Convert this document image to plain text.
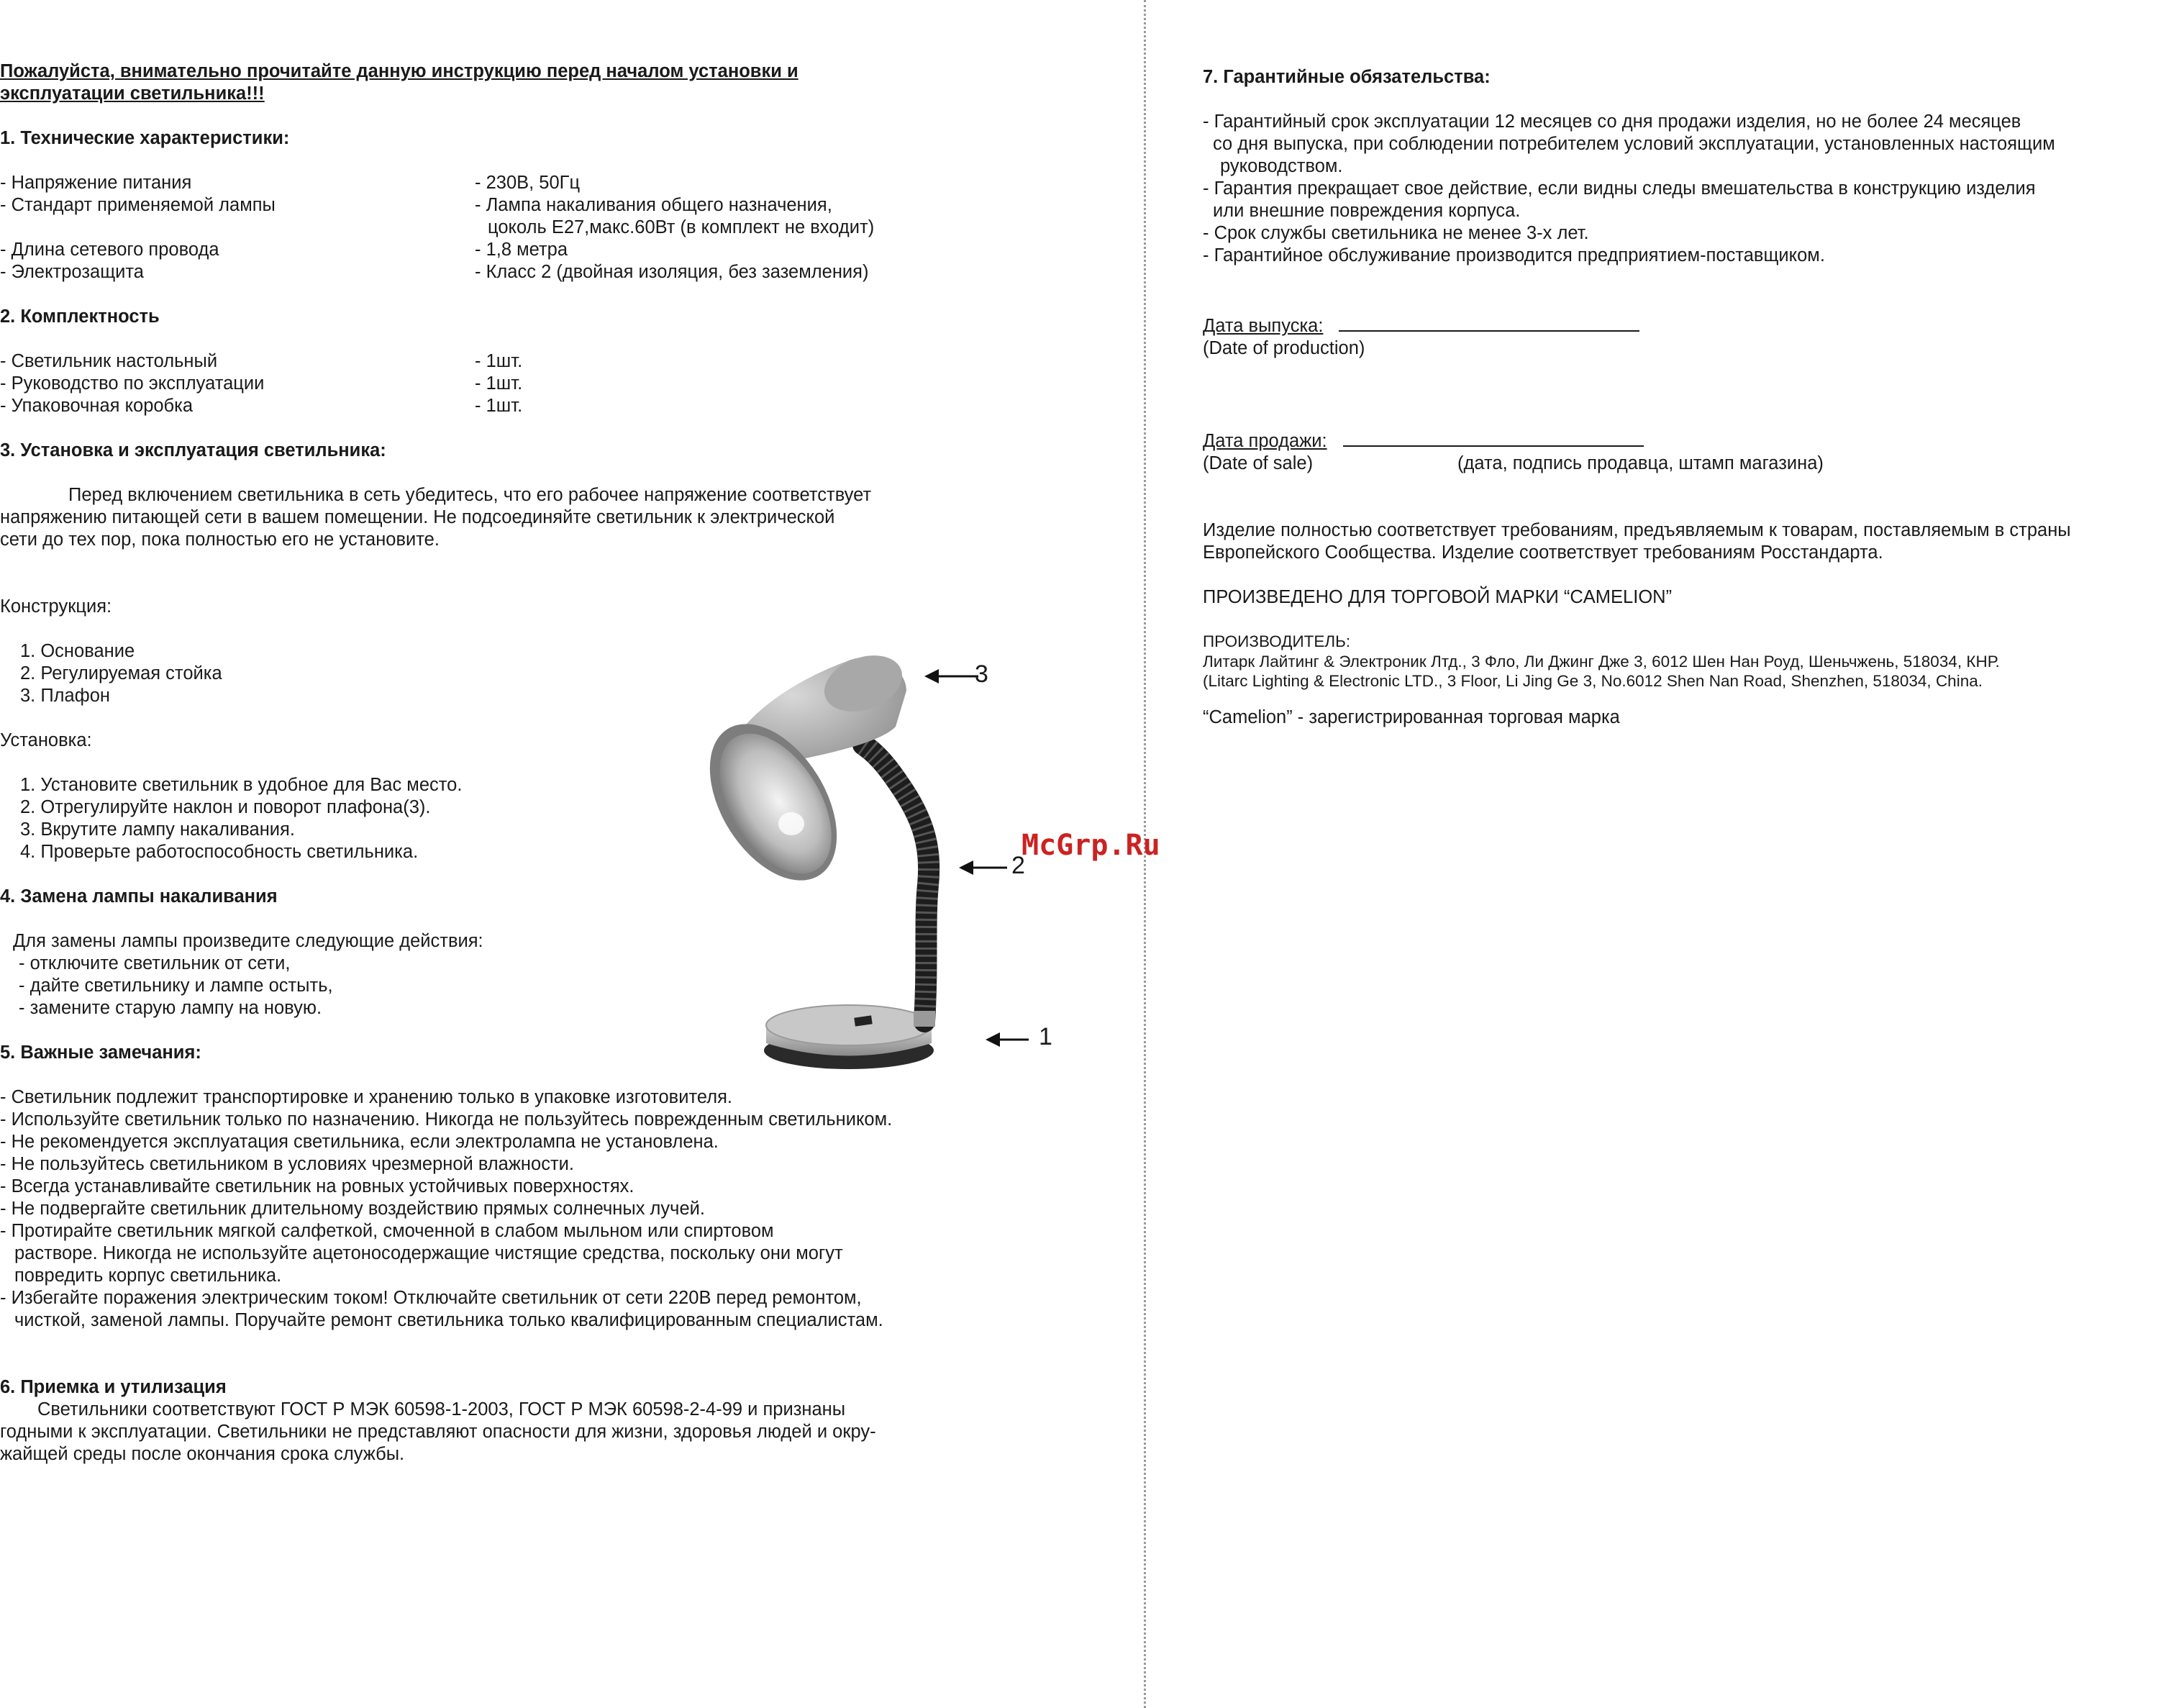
Пожалуйста, внимательно прочитайте данную инструкцию перед началом установки и

эксплуатации светильника!!!

1. Технические характеристики:
- Напряжение питания	- 230В, 50Гц
- Стандарт применяемой лампы	- Лампа накаливания общего назначения,
цоколь Е27,макс.60Вт (в комплект не входит)
- Длина сетевого провода	- 1,8 метра
- Электрозащита	- Класс 2 (двойная изоляция, без заземления)
2. Комплектность
- Светильник настольный	- 1шт.
- Руководство по эксплуатации	- 1шт.
- Упаковочная коробка	- 1шт.
3. Установка и эксплуатация светильника:

Перед включением светильника в сеть убедитесь, что его рабочее напряжение соответствует

напряжению питающей сети в вашем помещении. Не подсоединяйте светильник к электрической

сети до тех пор, пока полностью его не установите.

Конструкция:

1. Основание

2. Регулируемая стойка

3. Плафон

Установка:

1. Установите светильник в удобное для Вас место.

2. Отрегулируйте наклон и поворот плафона(3).

3. Вкрутите лампу накаливания.

4. Проверьте работоспособность светильника.

4. Замена лампы накаливания

Для замены лампы произведите следующие действия:

- отключите светильник от сети,

- дайте светильнику и лампе остыть,

- замените старую лампу на новую.

5. Важные замечания:

- Светильник подлежит транспортировке и хранению только в упаковке изготовителя.

- Используйте светильник только по назначению. Никогда не пользуйтесь поврежденным светильником.

- Не рекомендуется эксплуатация светильника, если электролампа не установлена.

- Не пользуйтесь светильником в условиях чрезмерной влажности.

- Всегда устанавливайте светильник на ровных устойчивых поверхностях.

- Не подвергайте светильник длительному воздействию прямых солнечных лучей.

- Протирайте светильник мягкой салфеткой, смоченной в слабом мыльном или спиртовом

растворе. Никогда не используйте ацетоносодержащие чистящие средства, поскольку они могут

повредить корпус светильника.

- Избегайте поражения электрическим током! Отключайте светильник от сети 220В перед ремонтом,

чисткой, заменой лампы. Поручайте ремонт светильника только квалифицированным специалистам.

6. Приемка и утилизация

Светильники соответствуют ГОСТ Р МЭК 60598-1-2003, ГОСТ Р МЭК 60598-2-4-99 и признаны

годными к эксплуатации. Светильники не представляют опасности для жизни, здоровья людей и окру-

жайщей среды после окончания срока службы.

3
2
1
McGrp.Ru
7. Гарантийные обязательства:

- Гарантийный срок эксплуатации 12 месяцев со дня продажи изделия, но не более 24 месяцев

со дня выпуска, при соблюдении потребителем условий эксплуатации, установленных настоящим

руководством.

- Гарантия прекращает свое действие, если видны следы вмешательства в конструкцию изделия

или внешние повреждения корпуса.

- Срок службы светильника не менее 3-х лет.

- Гарантийное обслуживание производится предприятием-поставщиком.

Дата выпуска:

(Date of production)

Дата продажи:

(Date of sale)	(дата, подпись продавца, штамп магазина)

Изделие полностью соответствует требованиям, предъявляемым к товарам, поставляемым в страны

Европейского Сообщества. Изделие соответствует требованиям Росстандарта.

ПРОИЗВЕДЕНО ДЛЯ ТОРГОВОЙ МАРКИ “CAMELION”

ПРОИЗВОДИТЕЛЬ:

Литарк Лайтинг & Электроник Лтд., 3 Фло, Ли Джинг Дже 3, 6012 Шен Нан Роуд, Шеньчжень, 518034, КНР.

(Litarc Lighting & Electronic LTD., 3 Floor, Li Jing Ge 3, No.6012 Shen Nan Road, Shenzhen, 518034, China.

“Camelion” - зарегистрированная торговая марка
